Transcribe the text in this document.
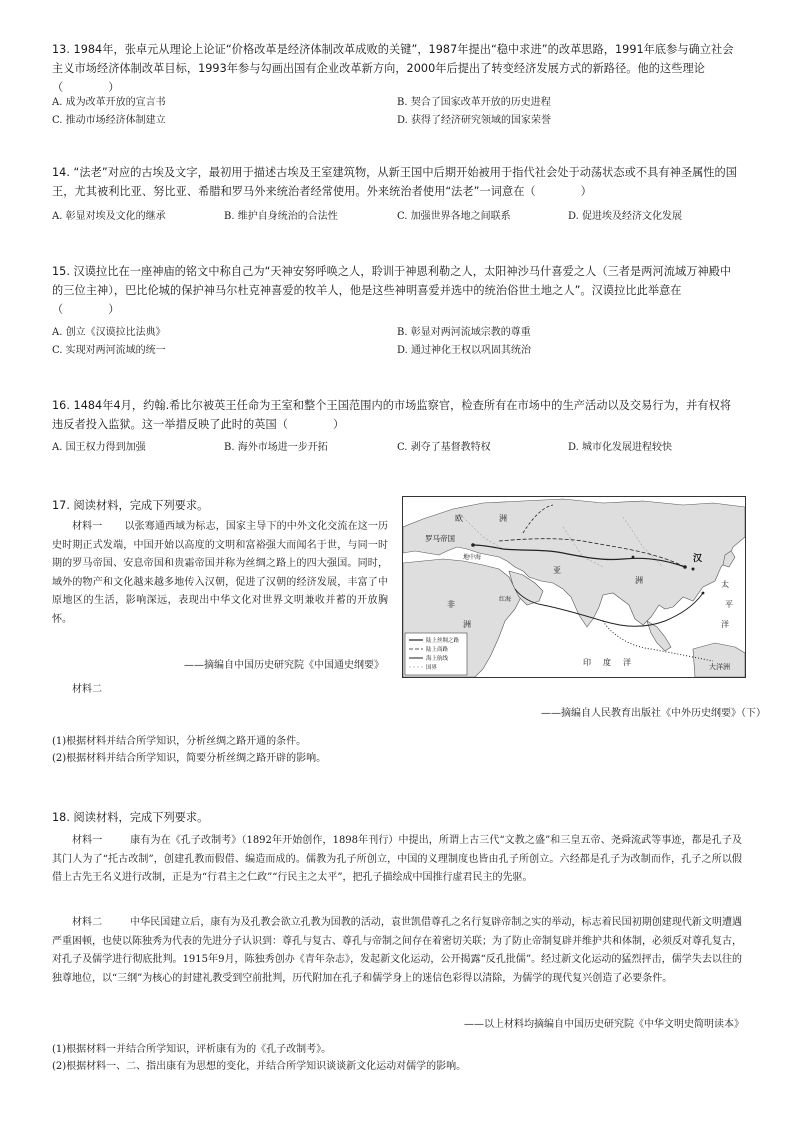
13. 1984年，张卓元从理论上论证“价格改革是经济体制改革成败的关键”，1987年提出“稳中求进”的改革思路，1991年底参与确立社会主义市场经济体制改革目标，1993年参与勾画出国有企业改革新方向，2000年后提出了转变经济发展方式的新路径。他的这些理论（　　　　）
A. 成为改革开放的宣言书	B. 契合了国家改革开放的历史进程
C. 推动市场经济体制建立	D. 获得了经济研究领域的国家荣誉
14. “法老”对应的古埃及文字，最初用于描述古埃及王室建筑物，从新王国中后期开始被用于指代社会处于动荡状态或不具有神圣属性的国王，尤其被利比亚、努比亚、希腊和罗马外来统治者经常使用。外来统治者使用“法老”一词意在（　　　　）
A. 彰显对埃及文化的继承	B. 维护自身统治的合法性	C. 加强世界各地之间联系	D. 促进埃及经济文化发展
15. 汉谟拉比在一座神庙的铭文中称自己为“天神安努呼唤之人，聆训于神恩利勒之人，太阳神沙马什喜爱之人（三者是两河流域万神殿中的三位主神），巴比伦城的保护神马尔杜克神喜爱的牧羊人，他是这些神明喜爱并选中的统治俗世土地之人”。汉谟拉比此举意在（　　　　）
A. 创立《汉谟拉比法典》	B. 彰显对两河流域宗教的尊重
C. 实现对两河流域的统一	D. 通过神化王权以巩固其统治
16. 1484年4月，约翰.希比尔被英王任命为王室和整个王国范围内的市场监察官，检查所有在市场中的生产活动以及交易行为，并有权将违反者投入监狱。这一举措反映了此时的英国（　　　　）
A. 国王权力得到加强	B. 海外市场进一步开拓	C. 剥夺了基督教特权	D. 城市化发展进程较快
17. 阅读材料，完成下列要求。
材料一 以张骞通西域为标志，国家主导下的中外文化交流在这一历史时期正式发端，中国开始以高度的文明和富裕强大而闻名于世，与同一时期的罗马帝国、安息帝国和贵霜帝国并称为丝绸之路上的四大强国。同时，域外的物产和文化越来越多地传入汉朝，促进了汉朝的经济发展，丰富了中原地区的生活，影响深远，表现出中华文化对世界文明兼收并蓄的开放胸怀。
——摘编自中国历史研究院《中国通史纲要》
材料二
欧	洲
罗马帝国
亚
洲
非
洲
印 度 洋
汉
太
平
洋
大洋洲
红海
地中海
陆上丝绸之路
陆上商路
海上航线
国界
——摘编自人民教育出版社《中外历史纲要》（下）
(1)根据材料并结合所学知识，分析丝绸之路开通的条件。
(2)根据材料并结合所学知识，简要分析丝绸之路开辟的影响。
18. 阅读材料，完成下列要求。
材料一	康有为在《孔子改制考》（1892年开始创作，1898年刊行）中提出，所谓上古三代“文教之盛”和三皇五帝、尧舜流武等事迹，都是孔子及其门人为了“托古改制”，创建孔教而假借、编造而成的。儒教为孔子所创立，中国的义理制度也皆由孔子所创立。六经都是孔子为改制而作，孔子之所以假借上古先王名义进行改制，正是为“行君主之仁政”“行民主之太平”，把孔子描绘成中国推行虚君民主的先驱。
材料二	中华民国建立后，康有为及孔教会欲立孔教为国教的活动，袁世凯借尊孔之名行复辟帝制之实的举动，标志着民国初期创建现代新文明遭遇严重困顿，也使以陈独秀为代表的先进分子认识到：尊孔与复古、尊孔与帝制之间存在着密切关联；为了防止帝制复辟并维护共和体制，必须反对尊孔复古，对孔子及儒学进行彻底批判。1915年9月，陈独秀创办《青年杂志》，发起新文化运动，公开揭露“反孔批儒”。经过新文化运动的猛烈抨击，儒学失去以往的独尊地位，以“三纲”为核心的封建礼教受到空前批判，历代附加在孔子和儒学身上的迷信色彩得以清除，为儒学的现代复兴创造了必要条件。
——以上材料均摘编自中国历史研究院《中华文明史简明读本》
(1)根据材料一并结合所学知识，评析康有为的《孔子改制考》。
(2)根据材料一、二、指出康有为思想的变化，并结合所学知识谈谈新文化运动对儒学的影响。
